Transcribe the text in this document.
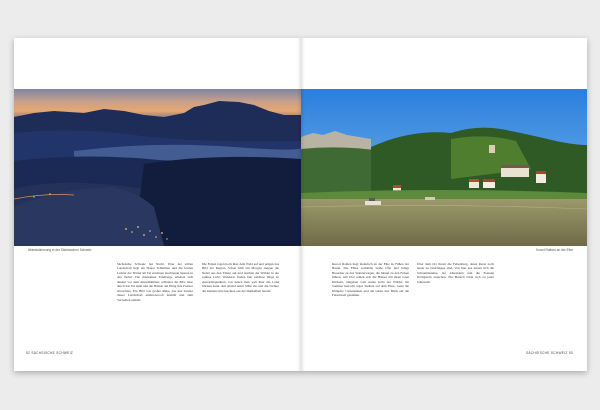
Abendstimmung in der Sächsischen Schweiz
Sächsische Schweiz bei Nacht. Über der stillen Landschaft liegt ein blauer Schimmer und die letzten Lichter der Dörfer im Tal zeichnen leuchtende Spuren in den Nebel. Die markanten Tafelberge erheben sich dunkel vor dem Abendhimmel, während die Elbe leise durch das Tal zieht und die Häuser am Hang ihre Fenster erleuchten. Ein Bild von großer Ruhe, das den Zauber dieser Landschaft eindrucksvoll festhält und zum Verweilen einlädt.
Die Felsen ragen hoch über dem Wald auf und prägen das Bild der Region. Schon früh am Morgen steigen die Nebel aus den Tälern auf und tauchen die Wälder in ein sanftes Licht. Wanderer finden hier zahllose Wege zu Aussichtspunkten, von denen man weit über das Land blicken kann. Am Abend kehrt Stille ein und die Lichter der kleinen Orte leuchten aus der Dunkelheit herauf.
52 SÄCHSISCHE SCHWEIZ
Kurort Rathen an der Elbe
Kurort Rathen liegt malerisch an der Elbe zu Füßen der Bastei. Die Fähre verbindet beide Ufer und bringt Besucher zu den Wanderwegen, die hinauf zu den Felsen führen. Am Ufer reihen sich die Häuser mit ihren roten Dächern, umgeben vom satten Grün der Wälder. Im Sommer herrscht reges Treiben auf dem Fluss, wenn die Dampfer vorbeiziehen und die Gäste den Blick auf die Felsenwelt genießen.
Über dem Ort thront die Felsenburg, deren Reste noch heute zu besichtigen sind. Von hier aus lassen sich die Schrammsteine, der Lilienstein und die Festung Königstein erreichen. Ein Besuch lohnt sich zu jeder Jahreszeit.
SÄCHSISCHE SCHWEIZ 53
